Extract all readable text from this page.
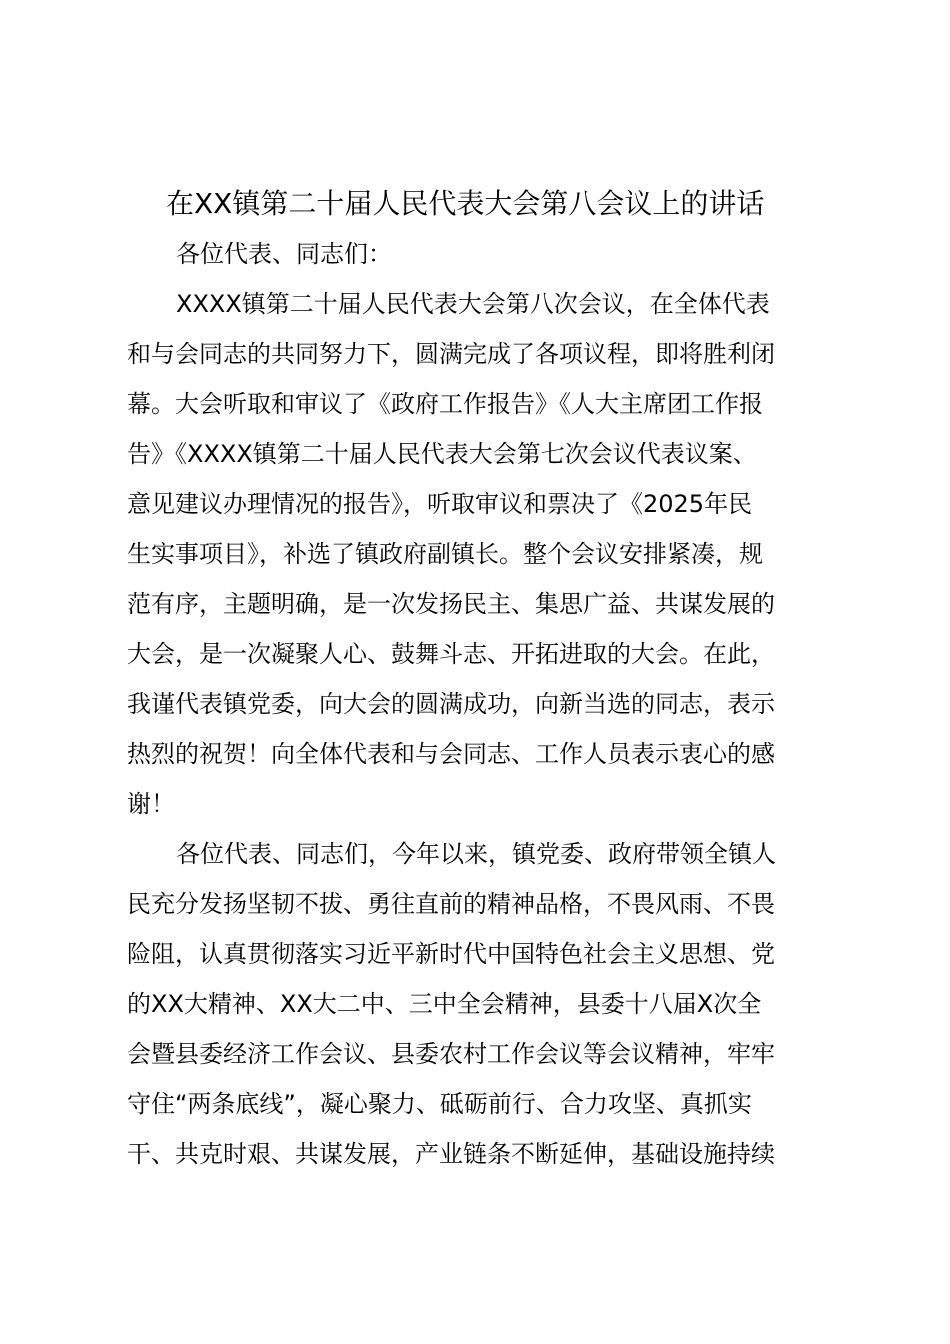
在XX镇第二十届人民代表大会第八会议上的讲话
各位代表、同志们：
XXXX镇第二十届人民代表大会第八次会议，在全体代表
和与会同志的共同努力下，圆满完成了各项议程，即将胜利闭
幕。大会听取和审议了《政府工作报告》《人大主席团工作报
告》《XXXX镇第二十届人民代表大会第七次会议代表议案、
意见建议办理情况的报告》，听取审议和票决了《2025年民
生实事项目》，补选了镇政府副镇长。整个会议安排紧凑，规
范有序，主题明确，是一次发扬民主、集思广益、共谋发展的
大会，是一次凝聚人心、鼓舞斗志、开拓进取的大会。在此，
我谨代表镇党委，向大会的圆满成功，向新当选的同志，表示
热烈的祝贺！向全体代表和与会同志、工作人员表示衷心的感
谢！
各位代表、同志们，今年以来，镇党委、政府带领全镇人
民充分发扬坚韧不拔、勇往直前的精神品格，不畏风雨、不畏
险阻，认真贯彻落实习近平新时代中国特色社会主义思想、党
的XX大精神、XX大二中、三中全会精神，县委十八届X次全
会暨县委经济工作会议、县委农村工作会议等会议精神，牢牢
守住“两条底线”，凝心聚力、砥砺前行、合力攻坚、真抓实
干、共克时艰、共谋发展，产业链条不断延伸，基础设施持续
